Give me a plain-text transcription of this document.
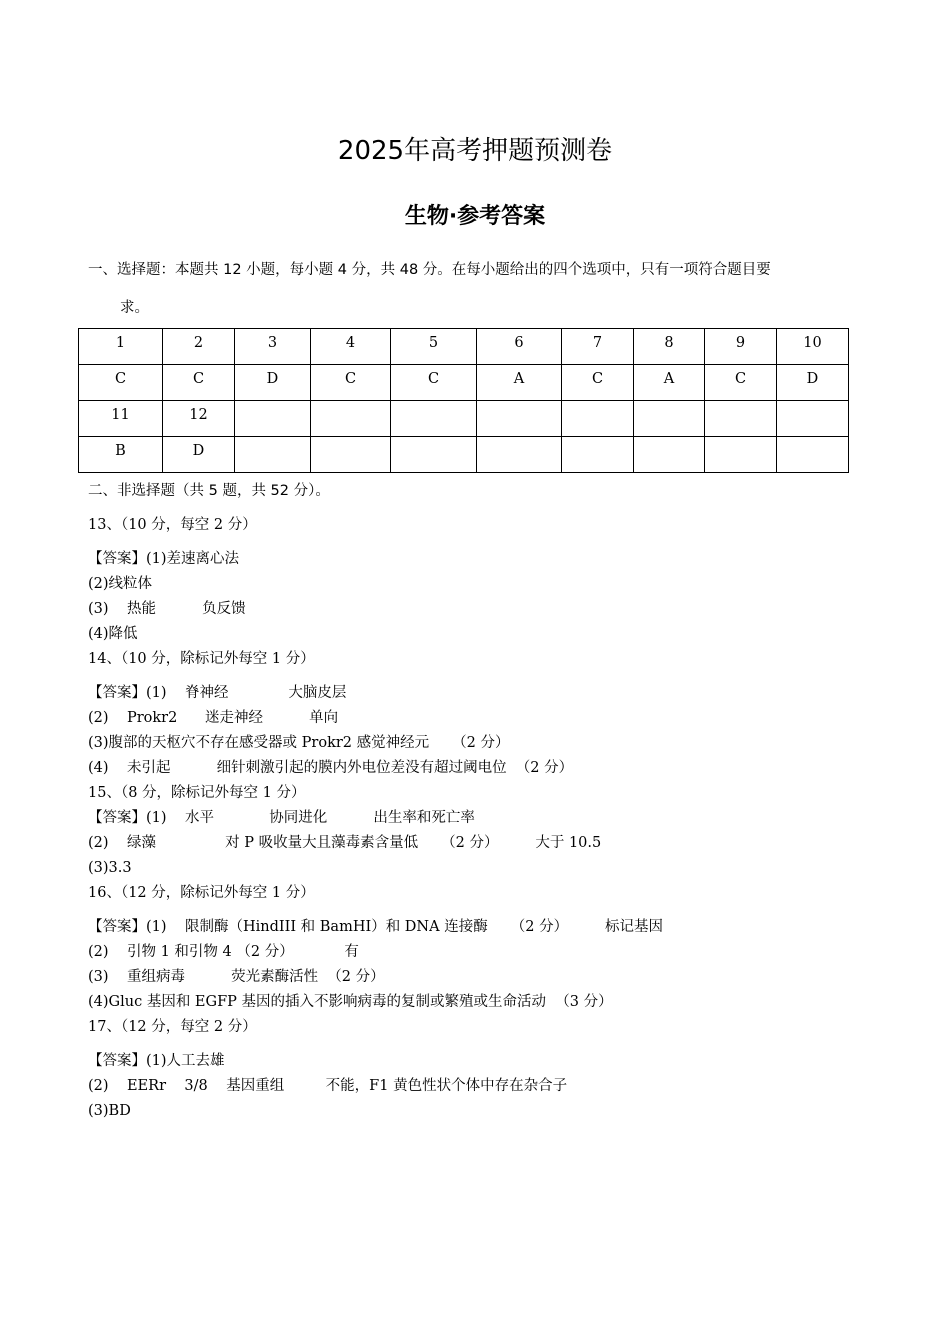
2025年高考押题预测卷
生物·参考答案
一、选择题：本题共 12 小题，每小题 4 分，共 48 分。在每小题给出的四个选项中，只有一项符合题目要
求。
1	2	3	4	5	6	7	8	9	10
C	C	D	C	C	A	C	A	C	D
11	12								
B	D								
二、非选择题（共 5 题，共 52 分）。
13、（10 分，每空 2 分）
【答案】(1)差速离心法
(2)线粒体
(3)    热能          负反馈
(4)降低
14、（10 分，除标记外每空 1 分）
【答案】(1)    脊神经             大脑皮层
(2)    Prokr2      迷走神经          单向
(3)腹部的天枢穴不存在感受器或 Prokr2 感觉神经元     （2 分）
(4)    未引起          细针刺激引起的膜内外电位差没有超过阈电位  （2 分）
15、（8 分，除标记外每空 1 分）
【答案】(1)    水平            协同进化          出生率和死亡率
(2)    绿藻               对 P 吸收量大且藻毒素含量低     （2 分）        大于 10.5
(3)3.3
16、（12 分，除标记外每空 1 分）
【答案】(1)    限制酶（HindIII 和 BamHI）和 DNA 连接酶     （2 分）        标记基因
(2)    引物 1 和引物 4 （2 分）           有
(3)    重组病毒          荧光素酶活性  （2 分）
(4)Gluc 基因和 EGFP 基因的插入不影响病毒的复制或繁殖或生命活动  （3 分）
17、（12 分，每空 2 分）
【答案】(1)人工去雄
(2)    EERr    3/8    基因重组         不能，F1 黄色性状个体中存在杂合子
(3)BD
